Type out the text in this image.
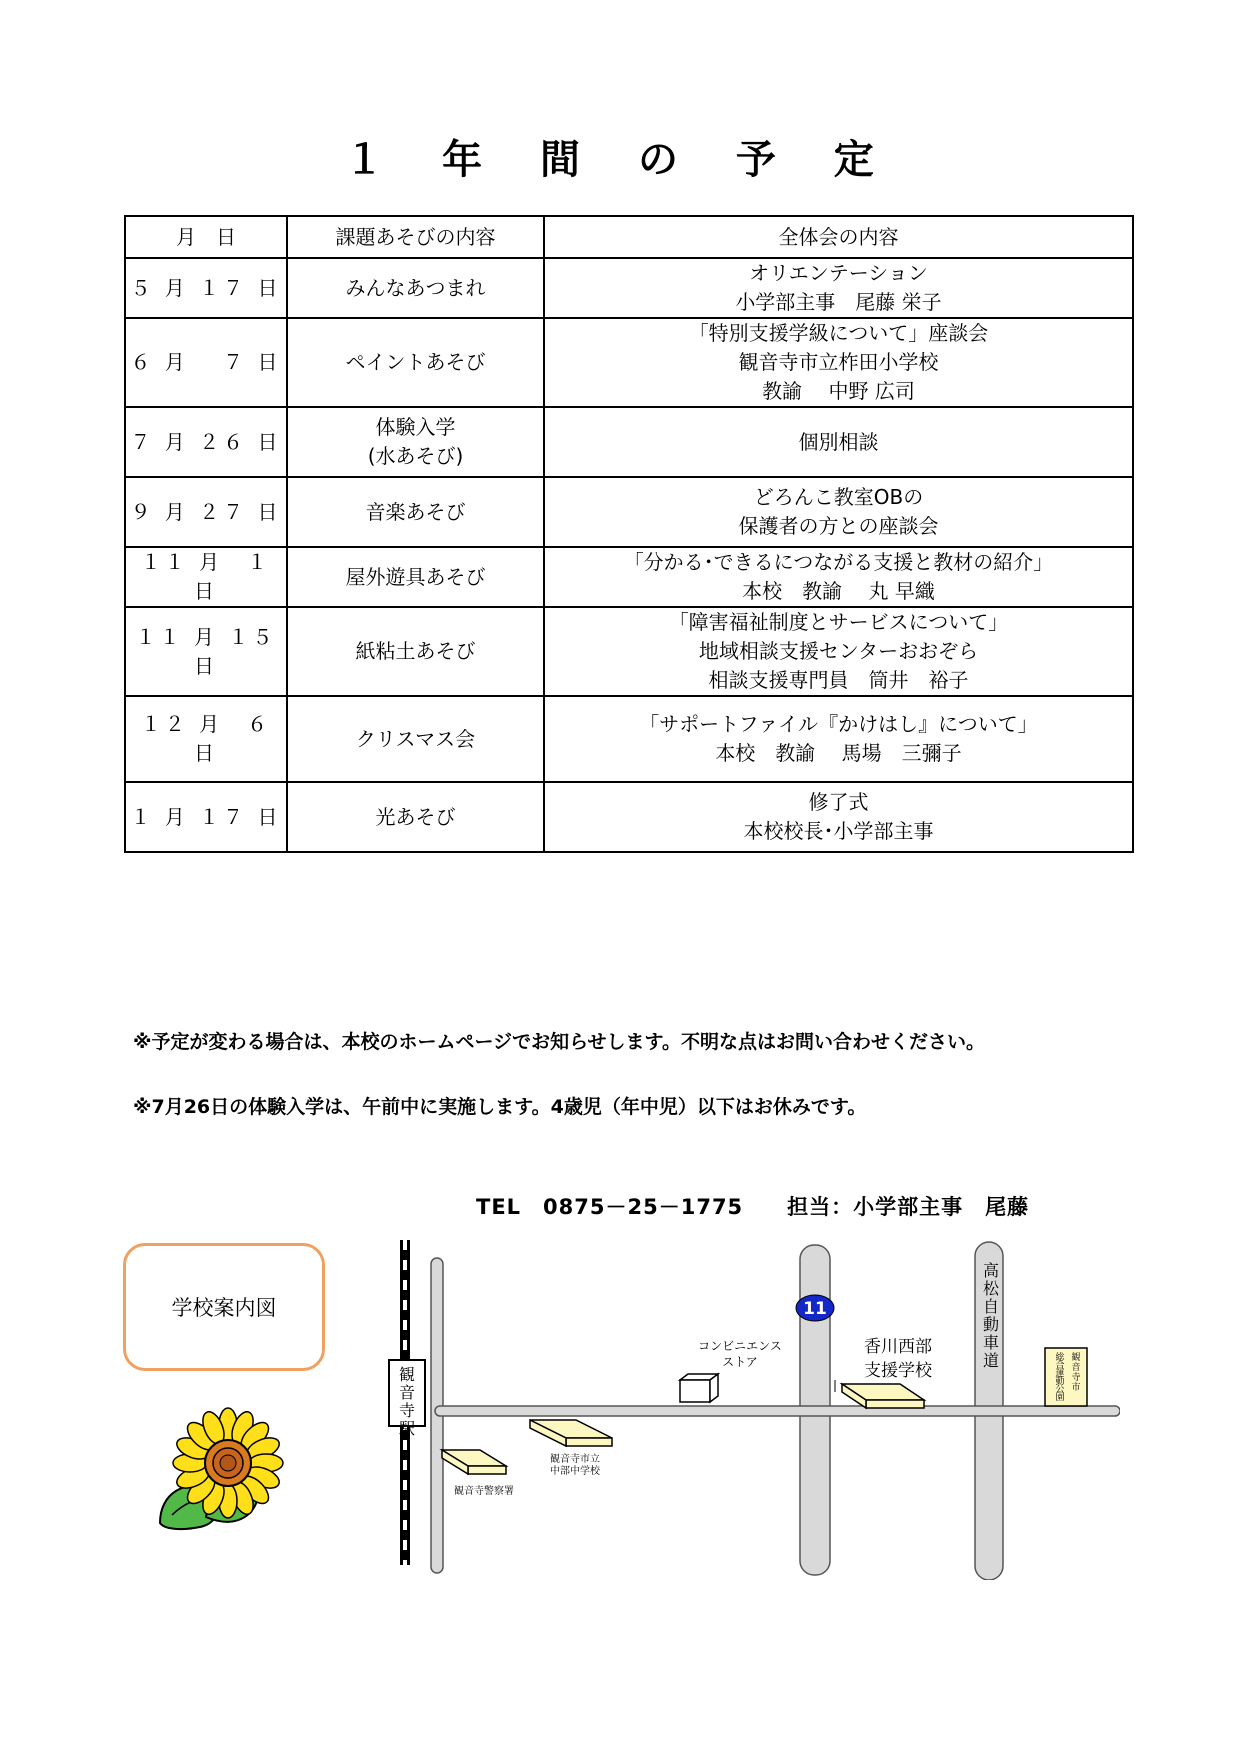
１ 年 間 の 予 定
月　日	課題あそびの内容	全体会の内容
５ 月 １７ 日	みんなあつまれ	オリエンテーション
小学部主事　尾藤 栄子

６ 月　 ７ 日	ペイントあそび	「特別支援学級について」座談会
観音寺市立柞田小学校
教諭　 中野 広司

７ 月 ２６ 日	体験入学
(水あそび)	個別相談

９ 月 ２７ 日	音楽あそび	どろんこ教室OBの
保護者の方との座談会

１１ 月　１ 日	屋外遊具あそび	「分かる･できるにつながる支援と教材の紹介」
本校　教諭　 丸 早織

１１ 月 １５ 日	紙粘土あそび	「障害福祉制度とサービスについて」
地域相談支援センターおおぞら
相談支援専門員　筒井　裕子

１２ 月　６ 日	クリスマス会	「サポートファイル『かけはし』について」
本校　教諭　 馬場　三彌子

１ 月 １７ 日	光あそび	修了式
本校校長･小学部主事
※予定が変わる場合は、本校のホームページでお知らせします。不明な点はお問い合わせください。
※7月26日の体験入学は、午前中に実施します。4歳児（年中児）以下はお休みです。
TEL　0875－25－1775　　担当：小学部主事　尾藤
学校案内図
観音寺駅
11
コンビニエンス
ストア
香川西部
支援学校
高松自動車道	観音寺市
総合運動公園
観音寺市立
中部中学校
観音寺警察署
